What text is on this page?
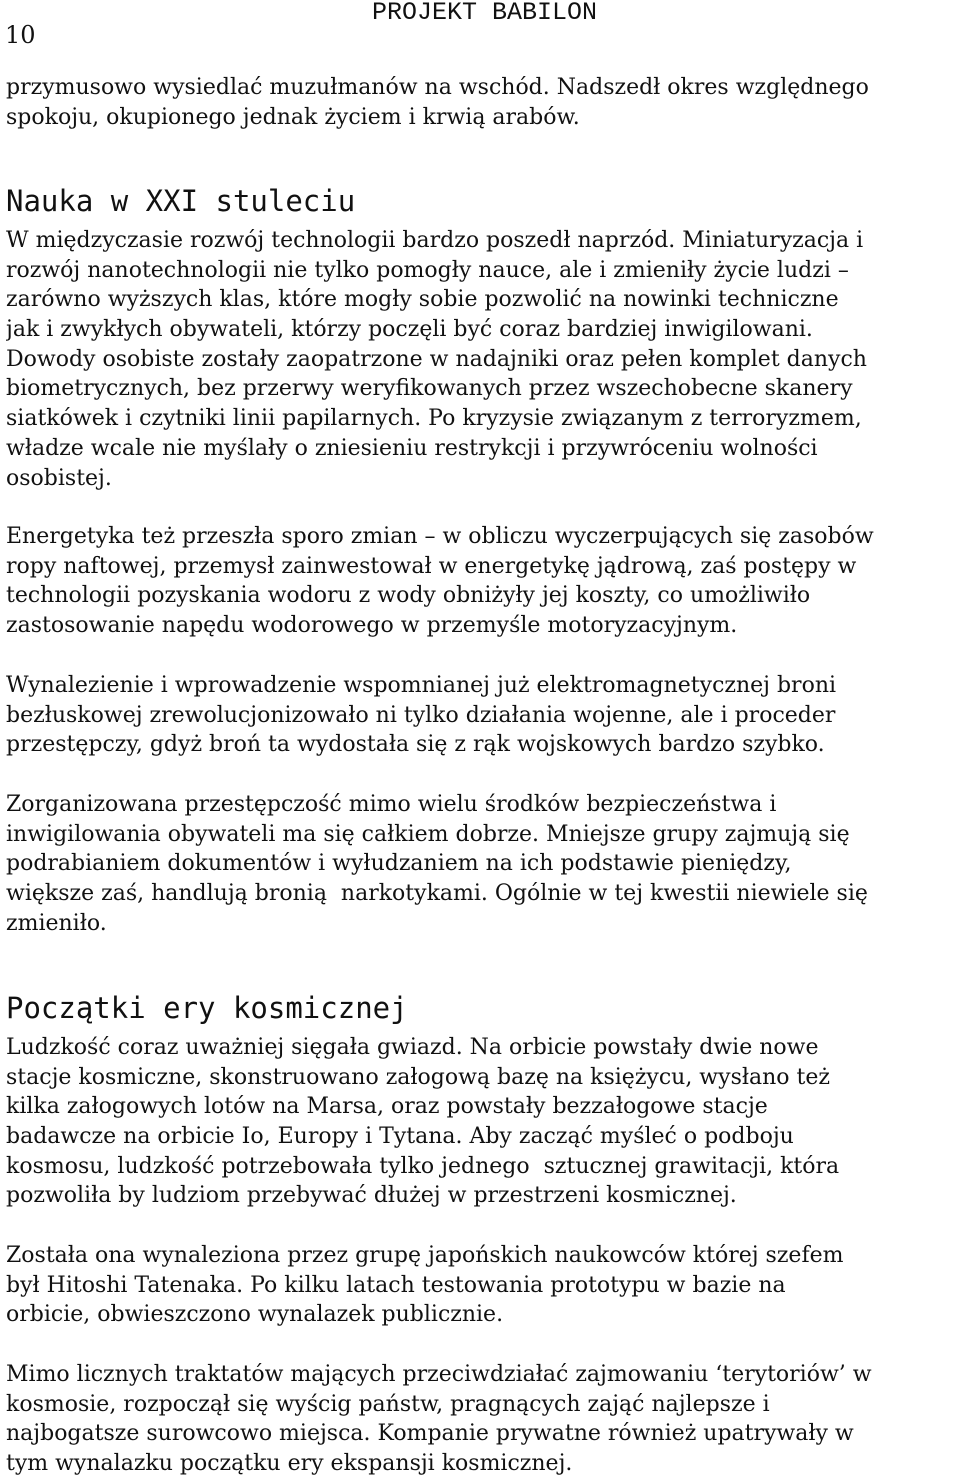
PROJEKT BABILON
10
przymusowo wysiedlać muzułmanów na wschód. Nadszedł okres względnego
spokoju, okupionego jednak życiem i krwią arabów.
Nauka w XXI stuleciu
W międzyczasie rozwój technologii bardzo poszedł naprzód. Miniaturyzacja i
rozwój nanotechnologii nie tylko pomogły nauce, ale i zmieniły życie ludzi –
zarówno wyższych klas, które mogły sobie pozwolić na nowinki techniczne
jak i zwykłych obywateli, którzy poczęli być coraz bardziej inwigilowani.
Dowody osobiste zostały zaopatrzone w nadajniki oraz pełen komplet danych
biometrycznych, bez przerwy weryfikowanych przez wszechobecne skanery
siatkówek i czytniki linii papilarnych. Po kryzysie związanym z terroryzmem,
władze wcale nie myślały o zniesieniu restrykcji i przywróceniu wolności
osobistej.
Energetyka też przeszła sporo zmian – w obliczu wyczerpujących się zasobów
ropy naftowej, przemysł zainwestował w energetykę jądrową, zaś postępy w
technologii pozyskania wodoru z wody obniżyły jej koszty, co umożliwiło
zastosowanie napędu wodorowego w przemyśle motoryzacyjnym.
Wynalezienie i wprowadzenie wspomnianej już elektromagnetycznej broni
bezłuskowej zrewolucjonizowało ni tylko działania wojenne, ale i proceder
przestępczy, gdyż broń ta wydostała się z rąk wojskowych bardzo szybko.
Zorganizowana przestępczość mimo wielu środków bezpieczeństwa i
inwigilowania obywateli ma się całkiem dobrze. Mniejsze grupy zajmują się
podrabianiem dokumentów i wyłudzaniem na ich podstawie pieniędzy,
większe zaś, handlują bronią  narkotykami. Ogólnie w tej kwestii niewiele się
zmieniło.
Początki ery kosmicznej
Ludzkość coraz uważniej sięgała gwiazd. Na orbicie powstały dwie nowe
stacje kosmiczne, skonstruowano załogową bazę na księżycu, wysłano też
kilka załogowych lotów na Marsa, oraz powstały bezzałogowe stacje
badawcze na orbicie Io, Europy i Tytana. Aby zacząć myśleć o podboju
kosmosu, ludzkość potrzebowała tylko jednego  sztucznej grawitacji, która
pozwoliła by ludziom przebywać dłużej w przestrzeni kosmicznej.
Została ona wynaleziona przez grupę japońskich naukowców której szefem
był Hitoshi Tatenaka. Po kilku latach testowania prototypu w bazie na
orbicie, obwieszczono wynalazek publicznie.
Mimo licznych traktatów mających przeciwdziałać zajmowaniu ‘terytoriów’ w
kosmosie, rozpoczął się wyścig państw, pragnących zająć najlepsze i
najbogatsze surowcowo miejsca. Kompanie prywatne również upatrywały w
tym wynalazku początku ery ekspansji kosmicznej.
